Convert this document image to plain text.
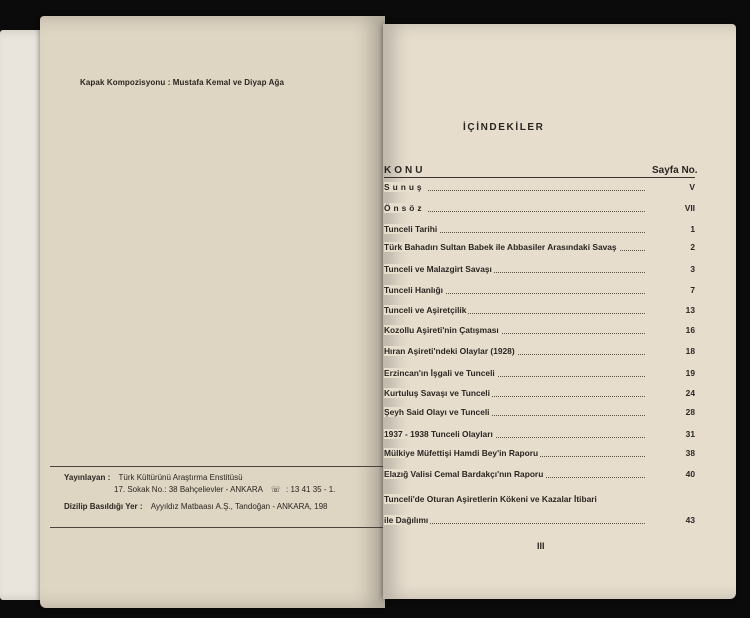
Kapak Kompozisyonu : Mustafa Kemal ve Diyap Ağa
Yayınlayan : Türk Kültürünü Araştırma Enstitüsü
17. Sokak No.: 38 Bahçelievler - ANKARA ☏ : 13 41 35 - 1.
Dizilip Basıldığı Yer : Ayyıldız Matbaası A.Ş., Tandoğan - ANKARA, 198
İÇİNDEKİLER
KONU	Sayfa No.
Sunuş	V
Önsöz	VII
Tunceli Tarihi	1
Türk Bahadırı Sultan Babek ile Abbasiler Arasındaki Savaş	2
Tunceli ve Malazgirt Savaşı	3
Tunceli Hanlığı	7
Tunceli ve Aşiretçilik	13
Kozollu Aşireti'nin Çatışması	16
Hıran Aşireti'ndeki Olaylar (1928)	18
Erzincan'ın İşgali ve Tunceli	19
Kurtuluş Savaşı ve Tunceli	24
Şeyh Said Olayı ve Tunceli	28
1937 - 1938 Tunceli Olayları	31
Mülkiye Müfettişi Hamdi Bey'in Raporu	38
Elazığ Valisi Cemal Bardakçı'nın Raporu	40
Tunceli'de Oturan Aşiretlerin Kökeni ve Kazalar İtibari
ile Dağılımı	43
III
